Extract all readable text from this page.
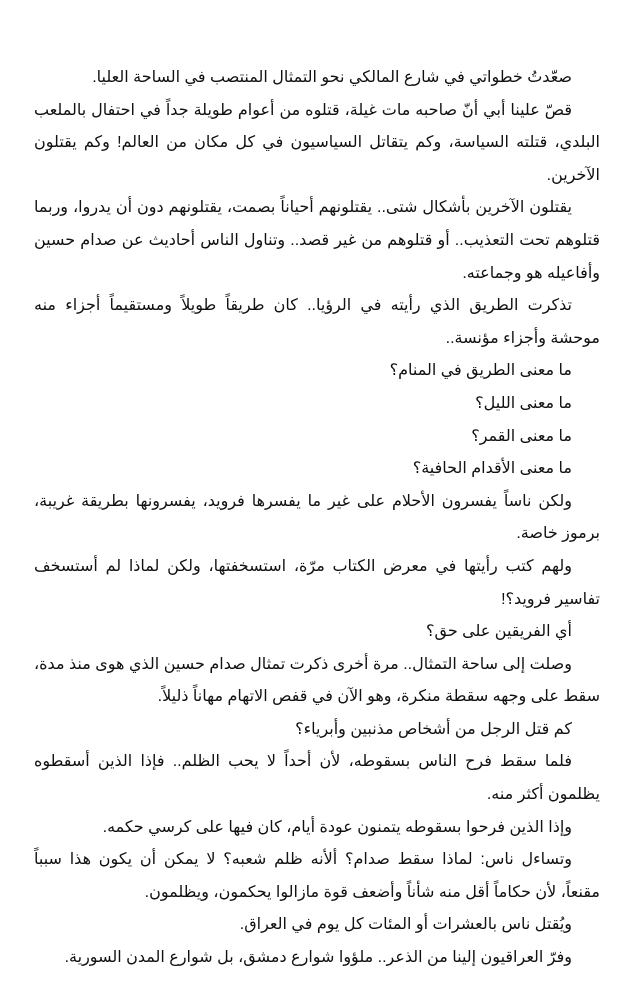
صعّدتُ خطواتي في شارع المالكي نحو التمثال المنتصب في الساحة العليا.

قصّ علينا أبي أنّ صاحبه مات غيلة، قتلوه من أعوام طويلة جداً في احتفال بالملعب البلدي، قتلته السياسة، وكم يتقاتل السياسيون في كل مكان من العالم! وكم يقتلون الآخرين.

يقتلون الآخرين بأشكال شتى.. يقتلونهم أحياناً بصمت، يقتلونهم دون أن يدروا، وربما قتلوهم تحت التعذيب.. أو قتلوهم من غير قصد.. وتناول الناس أحاديث عن صدام حسين وأفاعيله هو وجماعته.

تذكرت الطريق الذي رأيته في الرؤيا.. كان طريقاً طويلاً ومستقيماً أجزاء منه موحشة وأجزاء مؤنسة..

ما معنى الطريق في المنام؟

ما معنى الليل؟

ما معنى القمر؟

ما معنى الأقدام الحافية؟

ولكن ناساً يفسرون الأحلام على غير ما يفسرها فرويد، يفسرونها بطريقة غريبة، برموز خاصة.

ولهم كتب رأيتها في معرض الكتاب مرّة، استسخفتها، ولكن لماذا لم أستسخف تفاسير فرويد؟!

أي الفريقين على حق؟

وصلت إلى ساحة التمثال.. مرة أخرى ذكرت تمثال صدام حسين الذي هوى منذ مدة، سقط على وجهه سقطة منكرة، وهو الآن في قفص الاتهام مهاناً ذليلاً.

كم قتل الرجل من أشخاص مذنبين وأبرياء؟

فلما سقط فرح الناس بسقوطه، لأن أحداً لا يحب الظلم.. فإذا الذين أسقطوه يظلمون أكثر منه.

وإذا الذين فرحوا بسقوطه يتمنون عودة أيام، كان فيها على كرسي حكمه.

وتساءل ناس: لماذا سقط صدام؟ ألأنه ظلم شعبه؟ لا يمكن أن يكون هذا سبباً مقنعاً، لأن حكاماً أقل منه شأناً وأضعف قوة مازالوا يحكمون، ويظلمون.

ويُقتل ناس بالعشرات أو المئات كل يوم في العراق.

وفرّ العراقيون إلينا من الذعر.. ملؤوا شوارع دمشق، بل شوارع المدن السورية.
